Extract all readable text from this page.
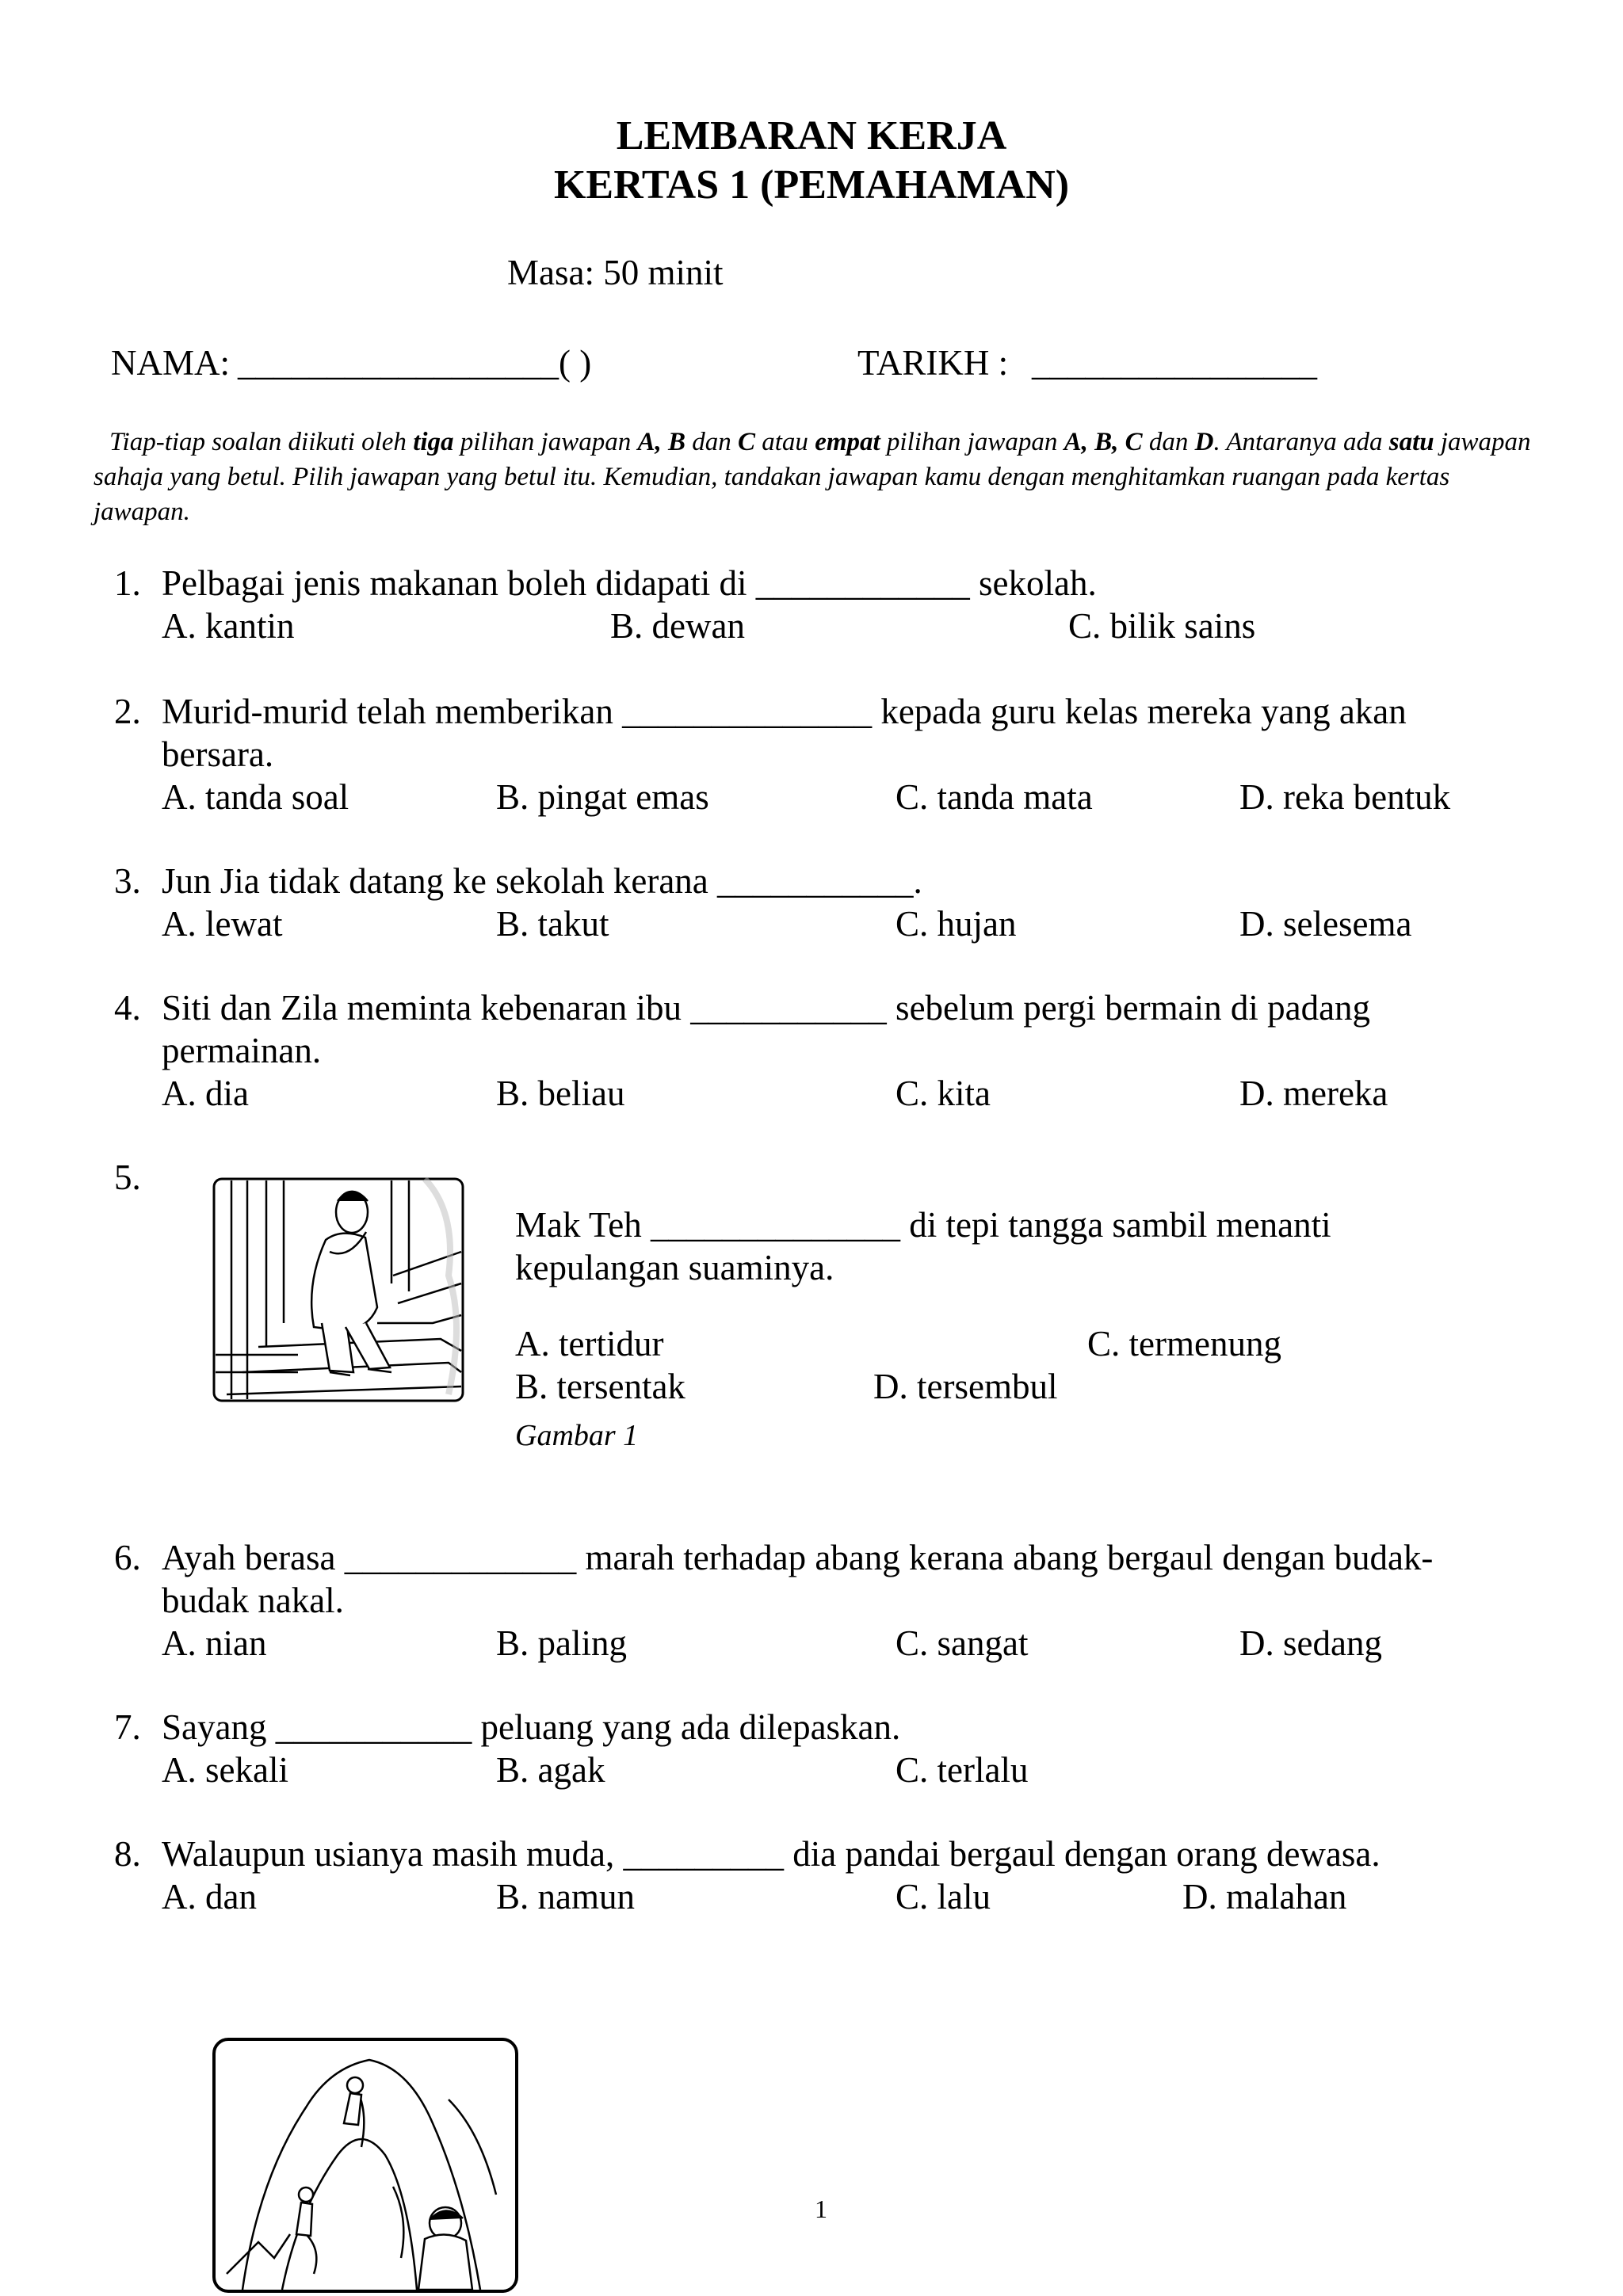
LEMBARAN KERJA
KERTAS 1 (PEMAHAMAN)
Masa: 50 minit
NAMA: __________________( )	TARIKH : ________________
Tiap-tiap soalan diikuti oleh tiga pilihan jawapan A, B dan C atau empat pilihan jawapan A, B, C dan D. Antaranya ada satu jawapan sahaja yang betul. Pilih jawapan yang betul itu. Kemudian, tandakan jawapan kamu dengan menghitamkan ruangan pada kertas jawapan.
1. Pelbagai jenis makanan boleh didapati di ____________ sekolah.
A. kantin	B. dewan	C. bilik sains
2. Murid-murid telah memberikan ______________ kepada guru kelas mereka yang akan
bersara.
A. tanda soal	B. pingat emas	C. tanda mata	D. reka bentuk
3. Jun Jia tidak datang ke sekolah kerana ___________.
A. lewat	B. takut	C. hujan	D. selesema
4. Siti dan Zila meminta kebenaran ibu ___________ sebelum pergi bermain di padang
permainan.
A. dia	B. beliau	C. kita	D. mereka
5.
Mak Teh ______________ di tepi tangga sambil menanti
kepulangan suaminya.
A. tertidur	C. termenung
B. tersentak	D. tersembul
Gambar 1
6. Ayah berasa _____________ marah terhadap abang kerana abang bergaul dengan budak-
budak nakal.
A. nian	B. paling	C. sangat	D. sedang
7. Sayang ___________ peluang yang ada dilepaskan.
A. sekali	B. agak	C. terlalu
8. Walaupun usianya masih muda, _________ dia pandai bergaul dengan orang dewasa.
A. dan	B. namun	C. lalu	D. malahan
1
